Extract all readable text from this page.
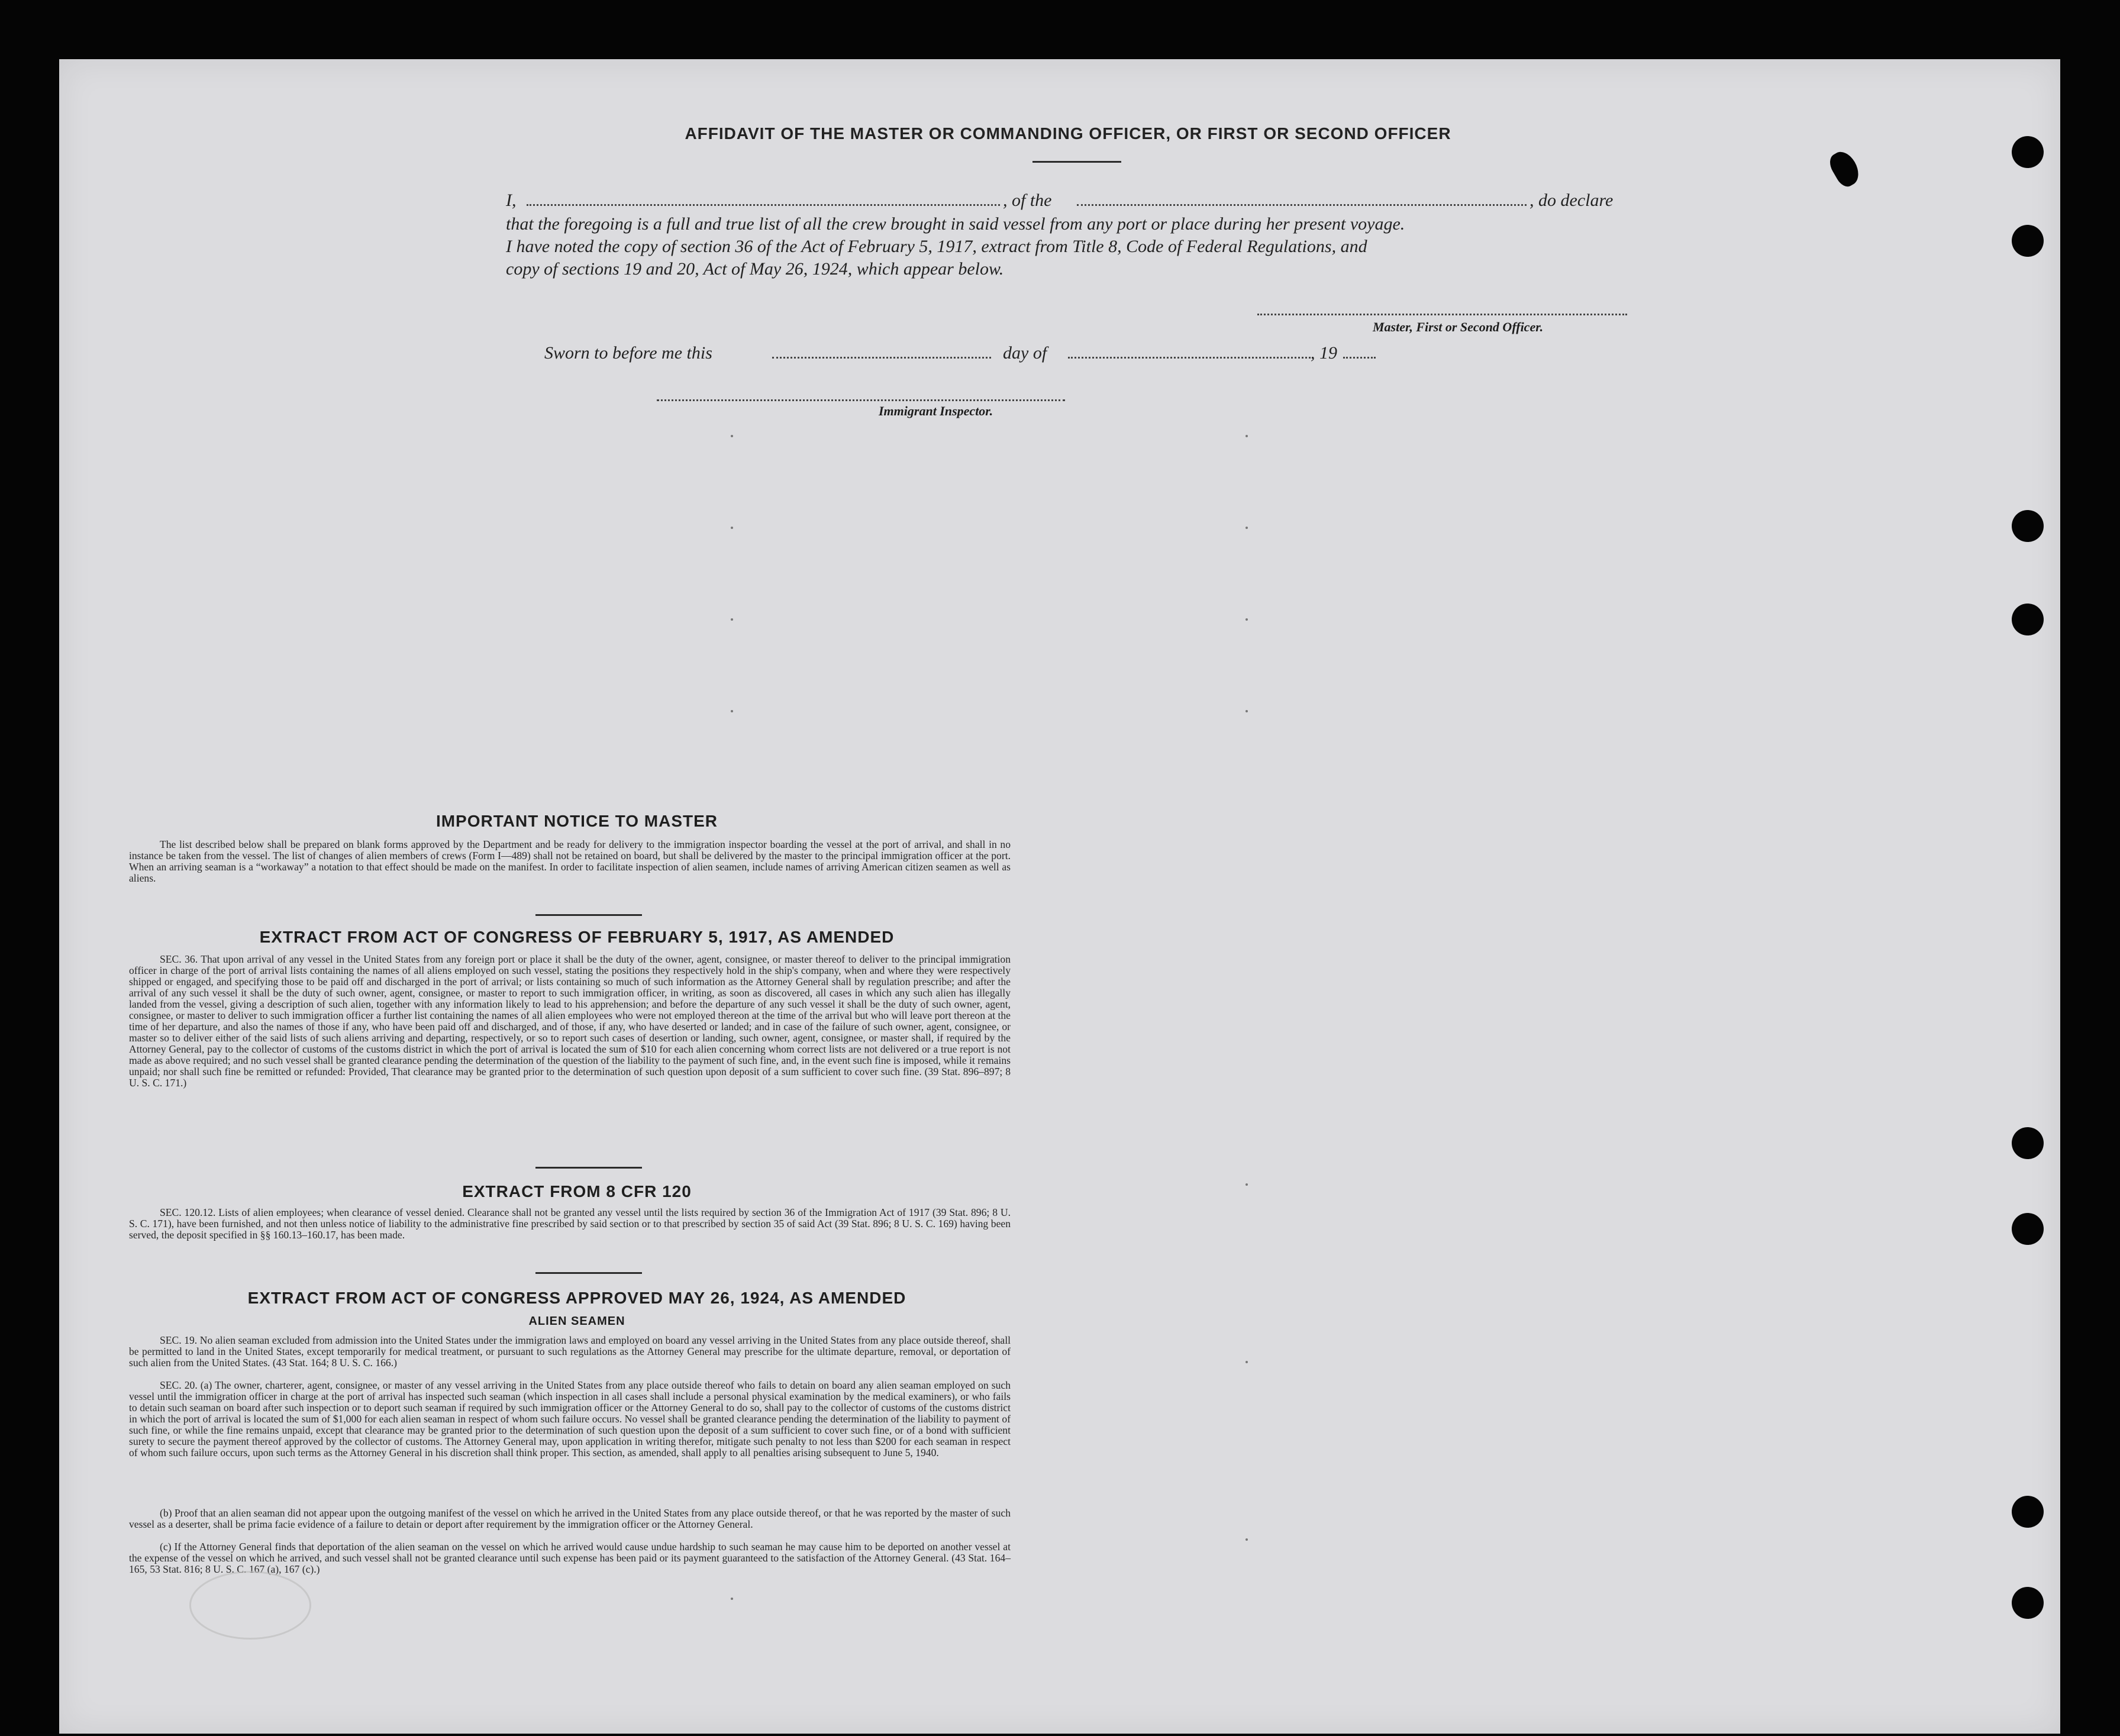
AFFIDAVIT OF THE MASTER OR COMMANDING OFFICER, OR FIRST OR SECOND OFFICER
I,	, of the	, do declare
that the foregoing is a full and true list of all the crew brought in said vessel from any port or place during her present voyage.
I have noted the copy of section 36 of the Act of February 5, 1917, extract from Title 8, Code of Federal Regulations, and
copy of sections 19 and 20, Act of May 26, 1924, which appear below.
Master, First or Second Officer.
Sworn to before me this	day of	, 19
Immigrant Inspector.
IMPORTANT NOTICE TO MASTER
The list described below shall be prepared on blank forms approved by the Department and be ready for delivery to the immigration inspector boarding the vessel at the port of arrival, and shall in no instance be taken from the vessel. The list of changes of alien members of crews (Form I—489) shall not be retained on board, but shall be delivered by the master to the principal immigration officer at the port. When an arriving seaman is a “workaway” a notation to that effect should be made on the manifest. In order to facilitate inspection of alien seamen, include names of arriving American citizen seamen as well as aliens.
EXTRACT FROM ACT OF CONGRESS OF FEBRUARY 5, 1917, AS AMENDED
SEC. 36. That upon arrival of any vessel in the United States from any foreign port or place it shall be the duty of the owner, agent, consignee, or master thereof to deliver to the principal immigration officer in charge of the port of arrival lists containing the names of all aliens employed on such vessel, stating the positions they respectively hold in the ship's company, when and where they were respectively shipped or engaged, and specifying those to be paid off and discharged in the port of arrival; or lists containing so much of such information as the Attorney General shall by regulation prescribe; and after the arrival of any such vessel it shall be the duty of such owner, agent, consignee, or master to report to such immigration officer, in writing, as soon as discovered, all cases in which any such alien has illegally landed from the vessel, giving a description of such alien, together with any information likely to lead to his apprehension; and before the departure of any such vessel it shall be the duty of such owner, agent, consignee, or master to deliver to such immigration officer a further list containing the names of all alien employees who were not employed thereon at the time of the arrival but who will leave port thereon at the time of her departure, and also the names of those if any, who have been paid off and discharged, and of those, if any, who have deserted or landed; and in case of the failure of such owner, agent, consignee, or master so to deliver either of the said lists of such aliens arriving and departing, respectively, or so to report such cases of desertion or landing, such owner, agent, consignee, or master shall, if required by the Attorney General, pay to the collector of customs of the customs district in which the port of arrival is located the sum of $10 for each alien concerning whom correct lists are not delivered or a true report is not made as above required; and no such vessel shall be granted clearance pending the determination of the question of the liability to the payment of such fine, and, in the event such fine is imposed, while it remains unpaid; nor shall such fine be remitted or refunded: Provided, That clearance may be granted prior to the determination of such question upon deposit of a sum sufficient to cover such fine. (39 Stat. 896–897; 8 U. S. C. 171.)
EXTRACT FROM 8 CFR 120
SEC. 120.12. Lists of alien employees; when clearance of vessel denied. Clearance shall not be granted any vessel until the lists required by section 36 of the Immigration Act of 1917 (39 Stat. 896; 8 U. S. C. 171), have been furnished, and not then unless notice of liability to the administrative fine prescribed by said section or to that prescribed by section 35 of said Act (39 Stat. 896; 8 U. S. C. 169) having been served, the deposit specified in §§ 160.13–160.17, has been made.
EXTRACT FROM ACT OF CONGRESS APPROVED MAY 26, 1924, AS AMENDED
ALIEN SEAMEN
SEC. 19. No alien seaman excluded from admission into the United States under the immigration laws and employed on board any vessel arriving in the United States from any place outside thereof, shall be permitted to land in the United States, except temporarily for medical treatment, or pursuant to such regulations as the Attorney General may prescribe for the ultimate departure, removal, or deportation of such alien from the United States. (43 Stat. 164; 8 U. S. C. 166.)
SEC. 20. (a) The owner, charterer, agent, consignee, or master of any vessel arriving in the United States from any place outside thereof who fails to detain on board any alien seaman employed on such vessel until the immigration officer in charge at the port of arrival has inspected such seaman (which inspection in all cases shall include a personal physical examination by the medical examiners), or who fails to detain such seaman on board after such inspection or to deport such seaman if required by such immigration officer or the Attorney General to do so, shall pay to the collector of customs of the customs district in which the port of arrival is located the sum of $1,000 for each alien seaman in respect of whom such failure occurs. No vessel shall be granted clearance pending the determination of the liability to payment of such fine, or while the fine remains unpaid, except that clearance may be granted prior to the determination of such question upon the deposit of a sum sufficient to cover such fine, or of a bond with sufficient surety to secure the payment thereof approved by the collector of customs. The Attorney General may, upon application in writing therefor, mitigate such penalty to not less than $200 for each seaman in respect of whom such failure occurs, upon such terms as the Attorney General in his discretion shall think proper. This section, as amended, shall apply to all penalties arising subsequent to June 5, 1940.
(b) Proof that an alien seaman did not appear upon the outgoing manifest of the vessel on which he arrived in the United States from any place outside thereof, or that he was reported by the master of such vessel as a deserter, shall be prima facie evidence of a failure to detain or deport after requirement by the immigration officer or the Attorney General.
(c) If the Attorney General finds that deportation of the alien seaman on the vessel on which he arrived would cause undue hardship to such seaman he may cause him to be deported on another vessel at the expense of the vessel on which he arrived, and such vessel shall not be granted clearance until such expense has been paid or its payment guaranteed to the satisfaction of the Attorney General. (43 Stat. 164–165, 53 Stat. 816; 8 U. S. C. 167 (a), 167 (c).)
